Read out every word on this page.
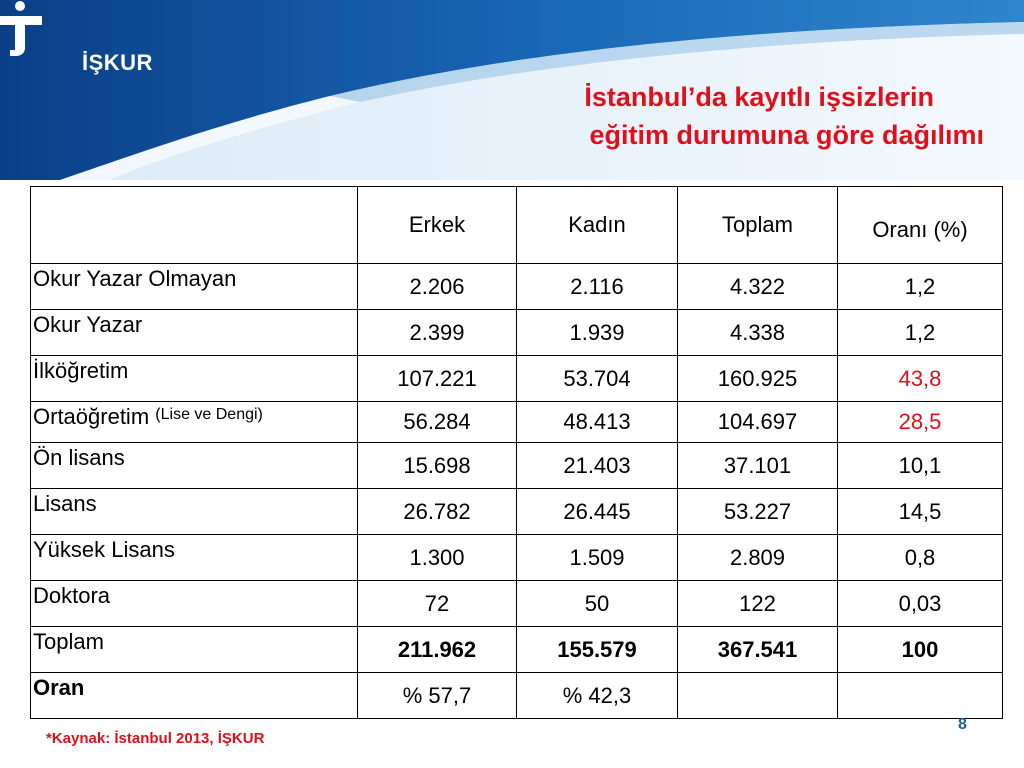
İŞKUR
İstanbul’da kayıtlı işsizlerin
eğitim durumuna göre dağılımı
	Erkek	Kadın	Toplam	Oranı (%)
Okur Yazar Olmayan	2.206	2.116	4.322	1,2
Okur Yazar	2.399	1.939	4.338	1,2
İlköğretim	107.221	53.704	160.925	43,8
Ortaöğretim $^{(Lise ve Dengi)}$	56.284	48.413	104.697	28,5
Ön lisans	15.698	21.403	37.101	10,1
Lisans	26.782	26.445	53.227	14,5
Yüksek Lisans	1.300	1.509	2.809	0,8
Doktora	72	50	122	0,03
Toplam	211.962	155.579	367.541	100
Oran	% 57,7	% 42,3		
*Kaynak: İstanbul 2013, İŞKUR
8
